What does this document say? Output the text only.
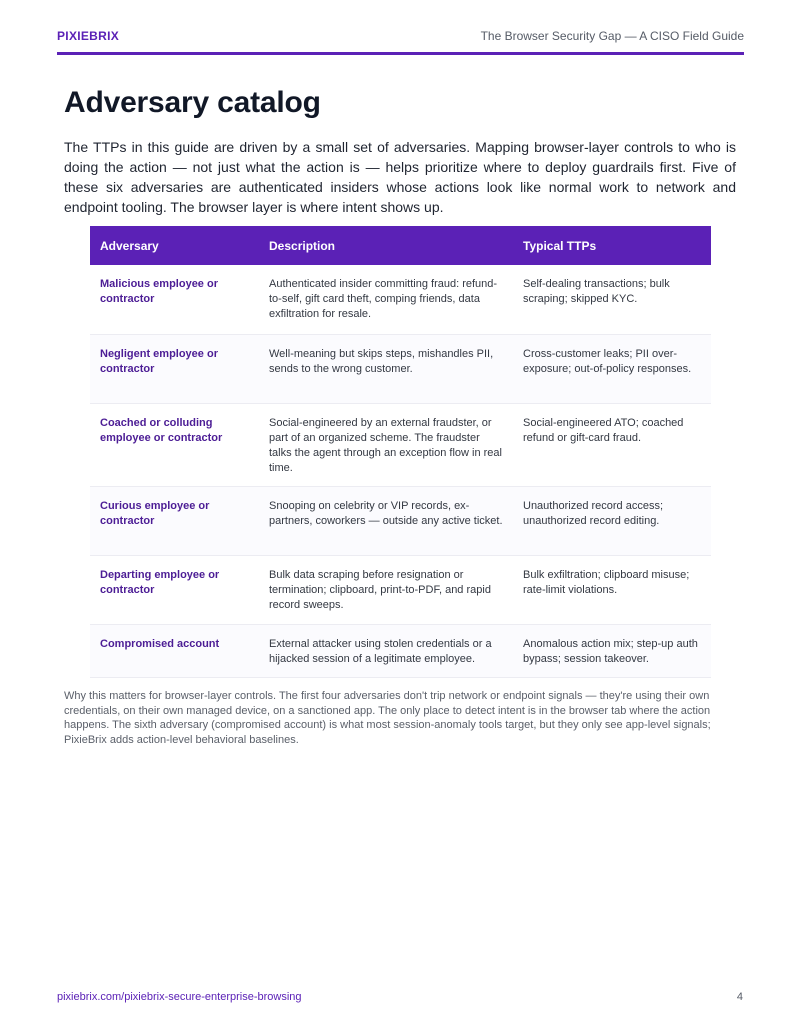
PIXIEBRIX	The Browser Security Gap — A CISO Field Guide
Adversary catalog

The TTPs in this guide are driven by a small set of adversaries. Mapping browser-layer controls to who is doing the action — not just what the action is — helps prioritize where to deploy guardrails first. Five of these six adversaries are authenticated insiders whose actions look like normal work to network and endpoint tooling. The browser layer is where intent shows up.

Adversary	Description	Typical TTPs
Malicious employee or contractor	Authenticated insider committing fraud: refund-to-self, gift card theft, comping friends, data exfiltration for resale.	Self-dealing transactions; bulk scraping; skipped KYC.
Negligent employee or contractor	Well-meaning but skips steps, mishandles PII, sends to the wrong customer.	Cross-customer leaks; PII over-exposure; out-of-policy responses.
Coached or colluding employee or contractor	Social-engineered by an external fraudster, or part of an organized scheme. The fraudster talks the agent through an exception flow in real time.	Social-engineered ATO; coached refund or gift-card fraud.
Curious employee or contractor	Snooping on celebrity or VIP records, ex-partners, coworkers — outside any active ticket.	Unauthorized record access; unauthorized record editing.
Departing employee or contractor	Bulk data scraping before resignation or termination; clipboard, print-to-PDF, and rapid record sweeps.	Bulk exfiltration; clipboard misuse; rate-limit violations.
Compromised account	External attacker using stolen credentials or a hijacked session of a legitimate employee.	Anomalous action mix; step-up auth bypass; session takeover.

Why this matters for browser-layer controls. The first four adversaries don't trip network or endpoint signals — they're using their own credentials, on their own managed device, on a sanctioned app. The only place to detect intent is in the browser tab where the action happens. The sixth adversary (compromised account) is what most session-anomaly tools target, but they only see app-level signals; PixieBrix adds action-level behavioral baselines.

pixiebrix.com/pixiebrix-secure-enterprise-browsing	4
